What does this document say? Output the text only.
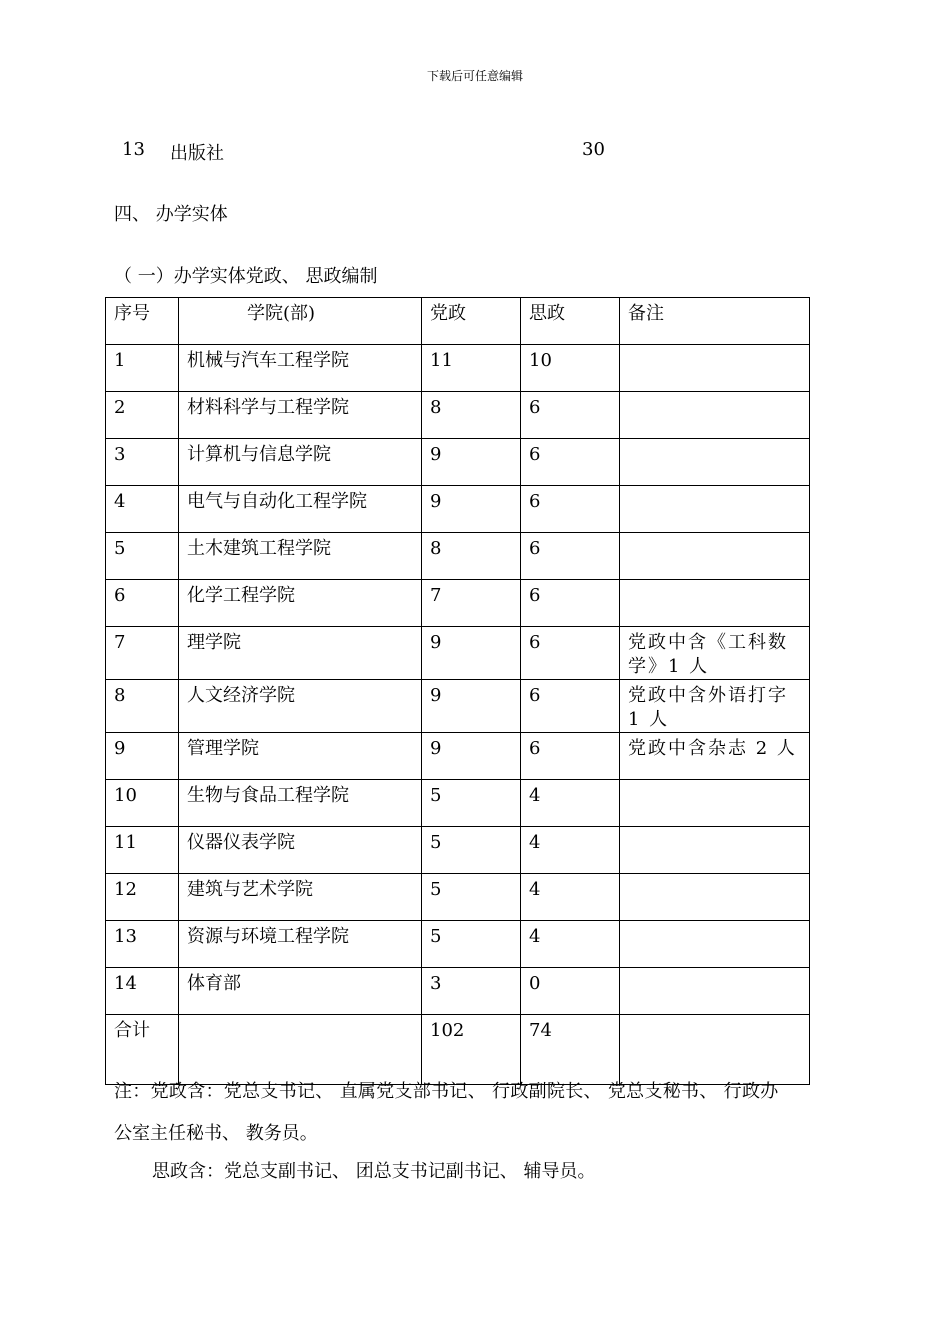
下载后可任意编辑
13 出版社	30
四、 办学实体
（ 一）办学实体党政、 思政编制
序号	学院(部)	党政	思政	备注
1	机械与汽车工程学院	11	10	
2	材料科学与工程学院	8	6	
3	计算机与信息学院	9	6	
4	电气与自动化工程学院	9	6	
5	土木建筑工程学院	8	6	
6	化学工程学院	7	6	
7	理学院	9	6	党政中含《工科数学》1 人
8	人文经济学院	9	6	党政中含外语打字 1 人
9	管理学院	9	6	党政中含杂志 2 人
10	生物与食品工程学院	5	4	
11	仪器仪表学院	5	4	
12	建筑与艺术学院	5	4	
13	资源与环境工程学院	5	4	
14	体育部	3	0	
合计		102	74	
注：党政含：党总支书记、 直属党支部书记、 行政副院长、 党总支秘书、 行政办
公室主任秘书、 教务员。
思政含：党总支副书记、 团总支书记副书记、 辅导员。
